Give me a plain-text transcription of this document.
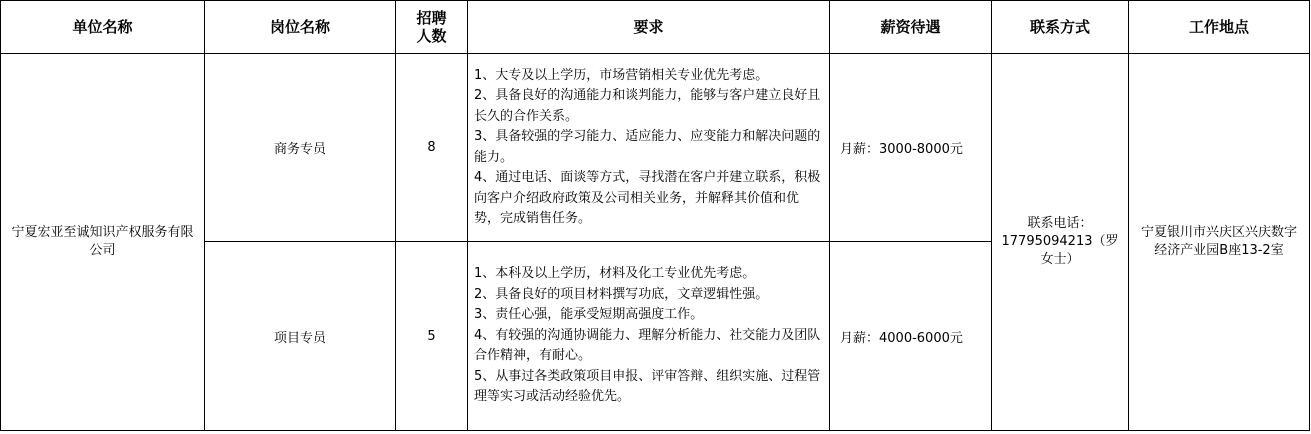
单位名称	岗位名称	招聘人数	要求	薪资待遇	联系方式	工作地点
宁夏宏亚至诚知识产权服务有限公司	商务专员	8	1、大专及以上学历，市场营销相关专业优先考虑。
2、具备良好的沟通能力和谈判能力，能够与客户建立良好且长久的合作关系。
3、具备较强的学习能力、适应能力、应变能力和解决问题的能力。
4、通过电话、面谈等方式，寻找潜在客户并建立联系，积极向客户介绍政府政策及公司相关业务，并解释其价值和优势，完成销售任务。	月薪：3000-8000元	联系电话：17795094213（罗女士）	宁夏银川市兴庆区兴庆数字经济产业园B座13-2室
	项目专员	5	1、本科及以上学历，材料及化工专业优先考虑。
2、具备良好的项目材料撰写功底，文章逻辑性强。
3、责任心强，能承受短期高强度工作。
4、有较强的沟通协调能力、理解分析能力、社交能力及团队合作精神，有耐心。
5、从事过各类政策项目申报、评审答辩、组织实施、过程管理等实习或活动经验优先。	月薪：4000-6000元		
